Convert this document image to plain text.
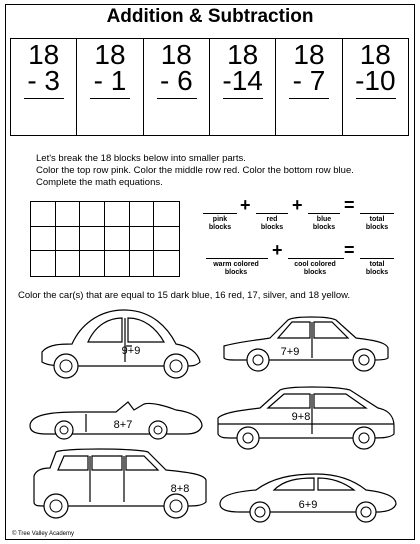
Addition & Subtraction
18
- 3
18
- 1
18
- 6
18
-14
18
- 7
18
-10
Let's break the 18 blocks below into smaller parts.
Color the top row pink. Color the middle row red. Color the bottom row blue.
Complete the math equations.
+ + =
pink blocks
red blocks
blue blocks
total blocks
+	=
warm colored blocks
cool colored blocks
total blocks
Color the car(s) that are equal to 15 dark blue, 16 red, 17, silver, and 18 yellow.
9+9	7+9
8+7
9+8
8+8
6+9
© Tree Valley Academy
